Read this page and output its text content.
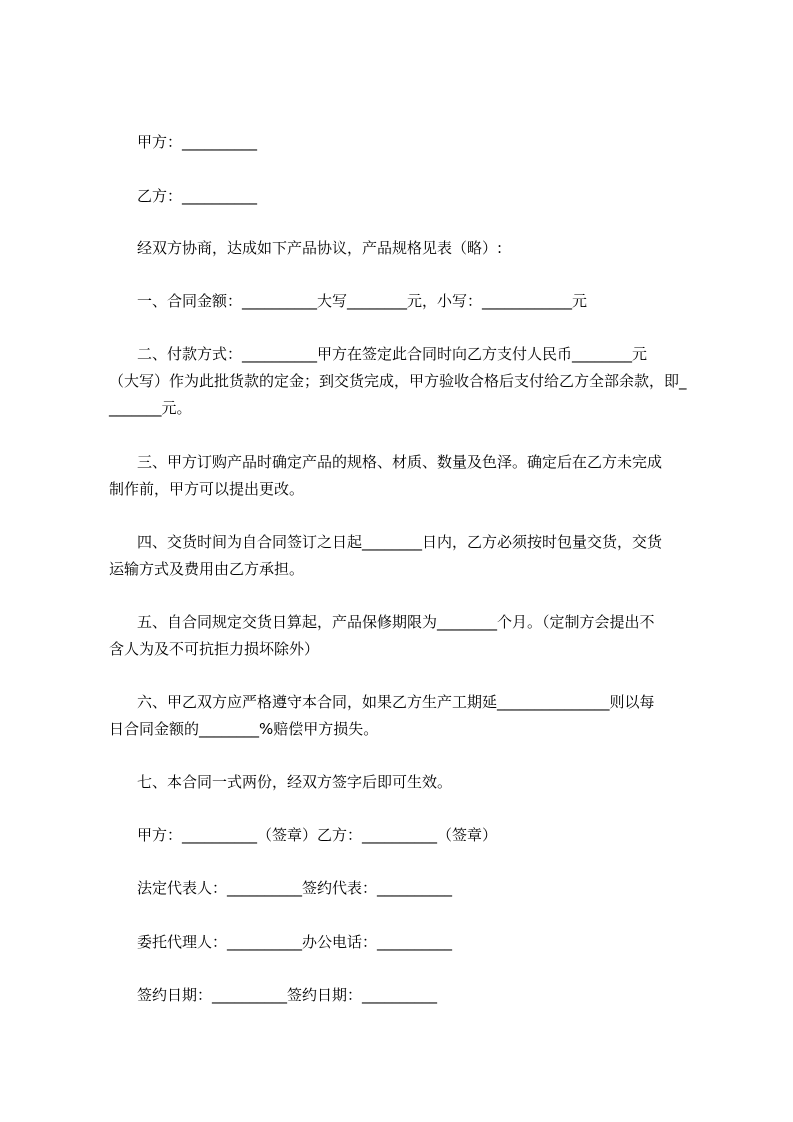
甲方：__________
乙方：__________
经双方协商，达成如下产品协议，产品规格见表（略）:
一、合同金额：__________大写________元，小写：____________元
二、付款方式：__________甲方在签定此合同时向乙方支付人民币________元
（大写）作为此批货款的定金；到交货完成，甲方验收合格后支付给乙方全部余款，即_
_______元。
三、甲方订购产品时确定产品的规格、材质、数量及色泽。确定后在乙方未完成
制作前，甲方可以提出更改。
四、交货时间为自合同签订之日起________日内，乙方必须按时包量交货，交货
运输方式及费用由乙方承担。
五、自合同规定交货日算起，产品保修期限为________个月。（定制方会提出不
含人为及不可抗拒力损坏除外）
六、甲乙双方应严格遵守本合同，如果乙方生产工期延_______________则以每
日合同金额的________%赔偿甲方损失。
七、本合同一式两份，经双方签字后即可生效。
甲方：__________（签章）乙方：__________（签章）
法定代表人：__________签约代表：__________
委托代理人：__________办公电话：__________
签约日期：__________签约日期：__________
